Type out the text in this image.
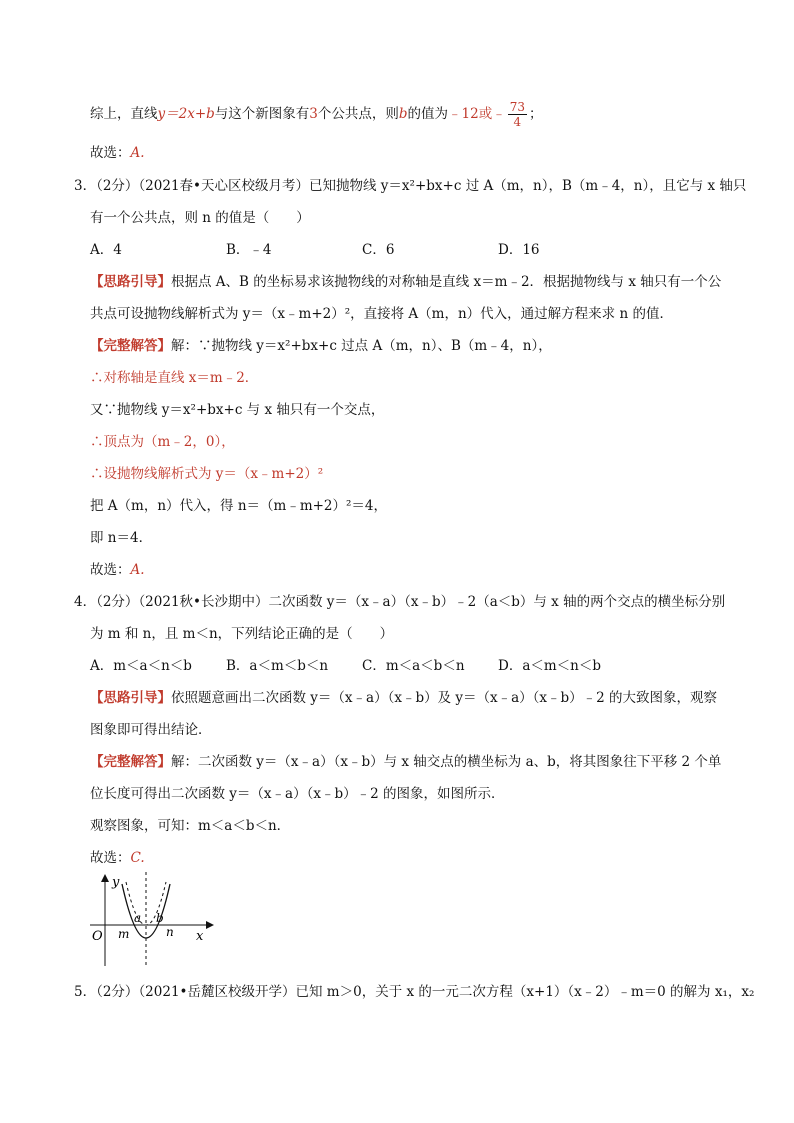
综上，直线y＝2x+b与这个新图象有3个公共点，则b的值为﹣12或﹣ $\frac{73}{4}$ ；
故选：A.
3．（2分）（2021春•天心区校级月考）已知抛物线 y＝x²+bx+c 过 A（m，n），B（m﹣4，n），且它与 x 轴只
有一个公共点，则 n 的值是（　　）
A．4	B．﹣4	C．6	D．16
【思路引导】根据点 A、B 的坐标易求该抛物线的对称轴是直线 x＝m﹣2．根据抛物线与 x 轴只有一个公
共点可设抛物线解析式为 y＝（x﹣m+2）²，直接将 A（m，n）代入，通过解方程来求 n 的值．
【完整解答】解：∵抛物线 y＝x²+bx+c 过点 A（m，n）、B（m﹣4，n），
∴对称轴是直线 x＝m﹣2．
又∵抛物线 y＝x²+bx+c 与 x 轴只有一个交点，
∴顶点为（m﹣2，0），
∴设抛物线解析式为 y＝（x﹣m+2）²
把 A（m，n）代入，得 n＝（m﹣m+2）²＝4，
即 n＝4．
故选：A.
4．（2分）（2021秋•长沙期中）二次函数 y＝（x﹣a）（x﹣b）﹣2（a＜b）与 x 轴的两个交点的横坐标分别
为 m 和 n，且 m＜n，下列结论正确的是（　　）
A．m＜a＜n＜b	B．a＜m＜b＜n	C．m＜a＜b＜n D．a＜m＜n＜b
【思路引导】依照题意画出二次函数 y＝（x﹣a）（x﹣b）及 y＝（x﹣a）（x﹣b）﹣2 的大致图象，观察
图象即可得出结论．
【完整解答】解：二次函数 y＝（x﹣a）（x﹣b）与 x 轴交点的横坐标为 a、b，将其图象往下平移 2 个单
位长度可得出二次函数 y＝（x﹣a）（x﹣b）﹣2 的图象，如图所示．
观察图象，可知：m＜a＜b＜n．
故选：C.
y
x
O
a b
m	n
5．（2分）（2021•岳麓区校级开学）已知 m＞0，关于 x 的一元二次方程（x+1）（x﹣2）﹣m＝0 的解为 x₁，x₂
